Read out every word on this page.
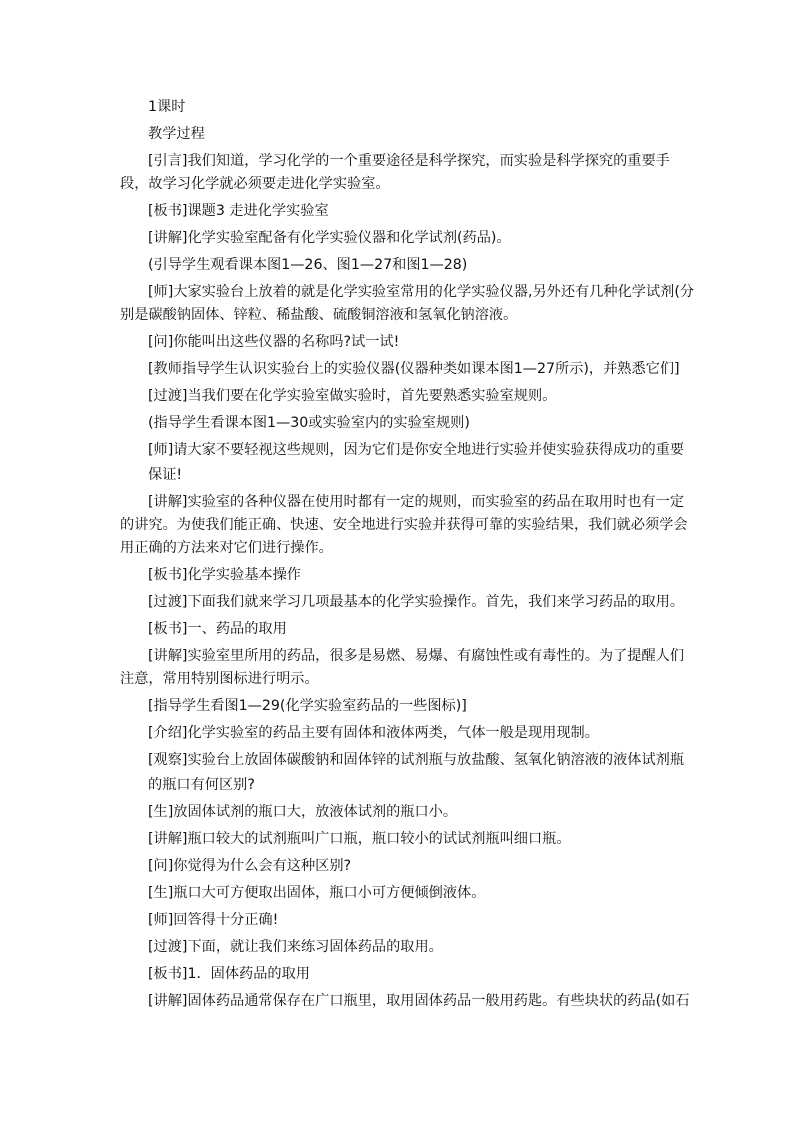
1课时

教学过程

[引言]我们知道，学习化学的一个重要途径是科学探究，而实验是科学探究的重要手段，故学习化学就必须要走进化学实验室。

[板书]课题3 走进化学实验室

[讲解]化学实验室配备有化学实验仪器和化学试剂(药品)。

(引导学生观看课本图1—26、图1—27和图1—28)

[师]大家实验台上放着的就是化学实验室常用的化学实验仪器,另外还有几种化学试剂(分别是碳酸钠固体、锌粒、稀盐酸、硫酸铜溶液和氢氧化钠溶液。

[问]你能叫出这些仪器的名称吗?试一试!

[教师指导学生认识实验台上的实验仪器(仪器种类如课本图1—27所示)，并熟悉它们]

[过渡]当我们要在化学实验室做实验时，首先要熟悉实验室规则。

(指导学生看课本图1—30或实验室内的实验室规则)

[师]请大家不要轻视这些规则，因为它们是你安全地进行实验并使实验获得成功的重要

保证!

[讲解]实验室的各种仪器在使用时都有一定的规则，而实验室的药品在取用时也有一定的讲究。为使我们能正确、快速、安全地进行实验并获得可靠的实验结果，我们就必须学会用正确的方法来对它们进行操作。

[板书]化学实验基本操作

[过渡]下面我们就来学习几项最基本的化学实验操作。首先，我们来学习药品的取用。

[板书]一、药品的取用

[讲解]实验室里所用的药品，很多是易燃、易爆、有腐蚀性或有毒性的。为了提醒人们注意，常用特别图标进行明示。

[指导学生看图1—29(化学实验室药品的一些图标)]

[介绍]化学实验室的药品主要有固体和液体两类，气体一般是现用现制。

[观察]实验台上放固体碳酸钠和固体锌的试剂瓶与放盐酸、氢氧化钠溶液的液体试剂瓶

的瓶口有何区别?

[生]放固体试剂的瓶口大，放液体试剂的瓶口小。

[讲解]瓶口较大的试剂瓶叫广口瓶，瓶口较小的试试剂瓶叫细口瓶。

[问]你觉得为什么会有这种区别?

[生]瓶口大可方便取出固体，瓶口小可方便倾倒液体。

[师]回答得十分正确!

[过渡]下面，就让我们来练习固体药品的取用。

[板书]1．固体药品的取用

[讲解]固体药品通常保存在广口瓶里，取用固体药品一般用药匙。有些块状的药品(如石
